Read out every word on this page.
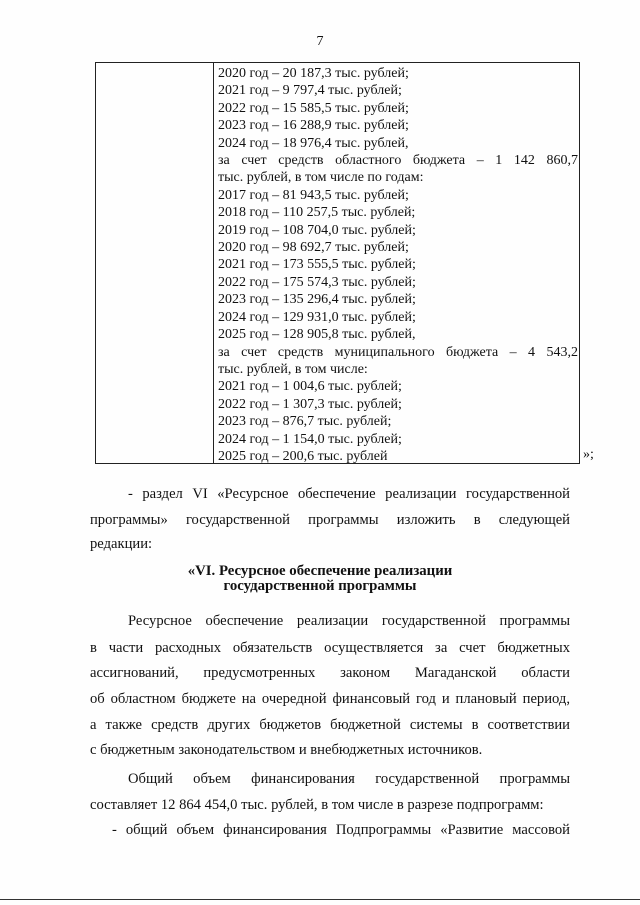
7
2020 год – 20 187,3 тыс. рублей;
2021 год – 9 797,4 тыс. рублей;
2022 год – 15 585,5 тыс. рублей;
2023 год – 16 288,9 тыс. рублей;
2024 год – 18 976,4 тыс. рублей,
за счет средств областного бюджета – 1 142 860,7
тыс. рублей, в том числе по годам:
2017 год – 81 943,5 тыс. рублей;
2018 год – 110 257,5 тыс. рублей;
2019 год – 108 704,0 тыс. рублей;
2020 год – 98 692,7 тыс. рублей;
2021 год – 173 555,5 тыс. рублей;
2022 год – 175 574,3 тыс. рублей;
2023 год – 135 296,4 тыс. рублей;
2024 год – 129 931,0 тыс. рублей;
2025 год – 128 905,8 тыс. рублей,
за счет средств муниципального бюджета – 4 543,2
тыс. рублей, в том числе:
2021 год – 1 004,6 тыс. рублей;
2022 год – 1 307,3 тыс. рублей;
2023 год – 876,7 тыс. рублей;
2024 год – 1 154,0 тыс. рублей;
2025 год – 200,6 тыс. рублей	»;

- раздел VI «Ресурсное обеспечение реализации государственной

программы» государственной программы изложить в следующей

редакции:

«VI. Ресурсное обеспечение реализации

государственной программы

Ресурсное обеспечение реализации государственной программы

в части расходных обязательств осуществляется за счет бюджетных

ассигнований, предусмотренных законом Магаданской области

об областном бюджете на очередной финансовый год и плановый период,

а также средств других бюджетов бюджетной системы в соответствии

с бюджетным законодательством и внебюджетных источников.

Общий объем финансирования государственной программы

составляет 12 864 454,0 тыс. рублей, в том числе в разрезе подпрограмм:

- общий объем финансирования Подпрограммы «Развитие массовой
